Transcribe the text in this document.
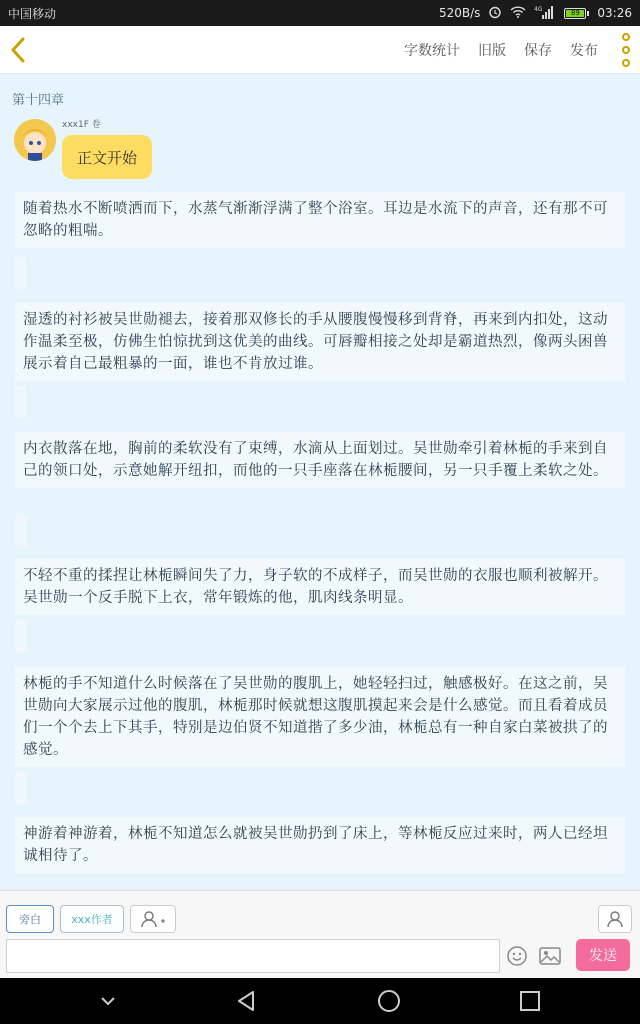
中国移动	520B/s	4G	89	03:26
字数统计 旧版 保存 发布
第十四章
xxx1F 卷
正文开始
随着热水不断喷洒而下，水蒸气渐渐浮满了整个浴室。耳边是水流下的声音，还有那不可忽略的粗喘。
湿透的衬衫被吴世勋褪去，接着那双修长的手从腰腹慢慢移到背脊，再来到内扣处，这动作温柔至极，仿佛生怕惊扰到这优美的曲线。可唇瓣相接之处却是霸道热烈，像两头困兽展示着自己最粗暴的一面，谁也不肯放过谁。
内衣散落在地，胸前的柔软没有了束缚，水滴从上面划过。吴世勋牵引着林栀的手来到自己的领口处，示意她解开纽扣，而他的一只手座落在林栀腰间，另一只手覆上柔软之处。
不轻不重的揉捏让林栀瞬间失了力，身子软的不成样子，而吴世勋的衣服也顺利被解开。吴世勋一个反手脱下上衣，常年锻炼的他，肌肉线条明显。
林栀的手不知道什么时候落在了吴世勋的腹肌上，她轻轻扫过，触感极好。在这之前，吴世勋向大家展示过他的腹肌，林栀那时候就想这腹肌摸起来会是什么感觉。而且看着成员们一个个去上下其手，特别是边伯贤不知道揩了多少油，林栀总有一种自家白菜被拱了的感觉。
神游着神游着，林栀不知道怎么就被吴世勋扔到了床上，等林栀反应过来时，两人已经坦诚相待了。
旁白	xxx作者
发送
